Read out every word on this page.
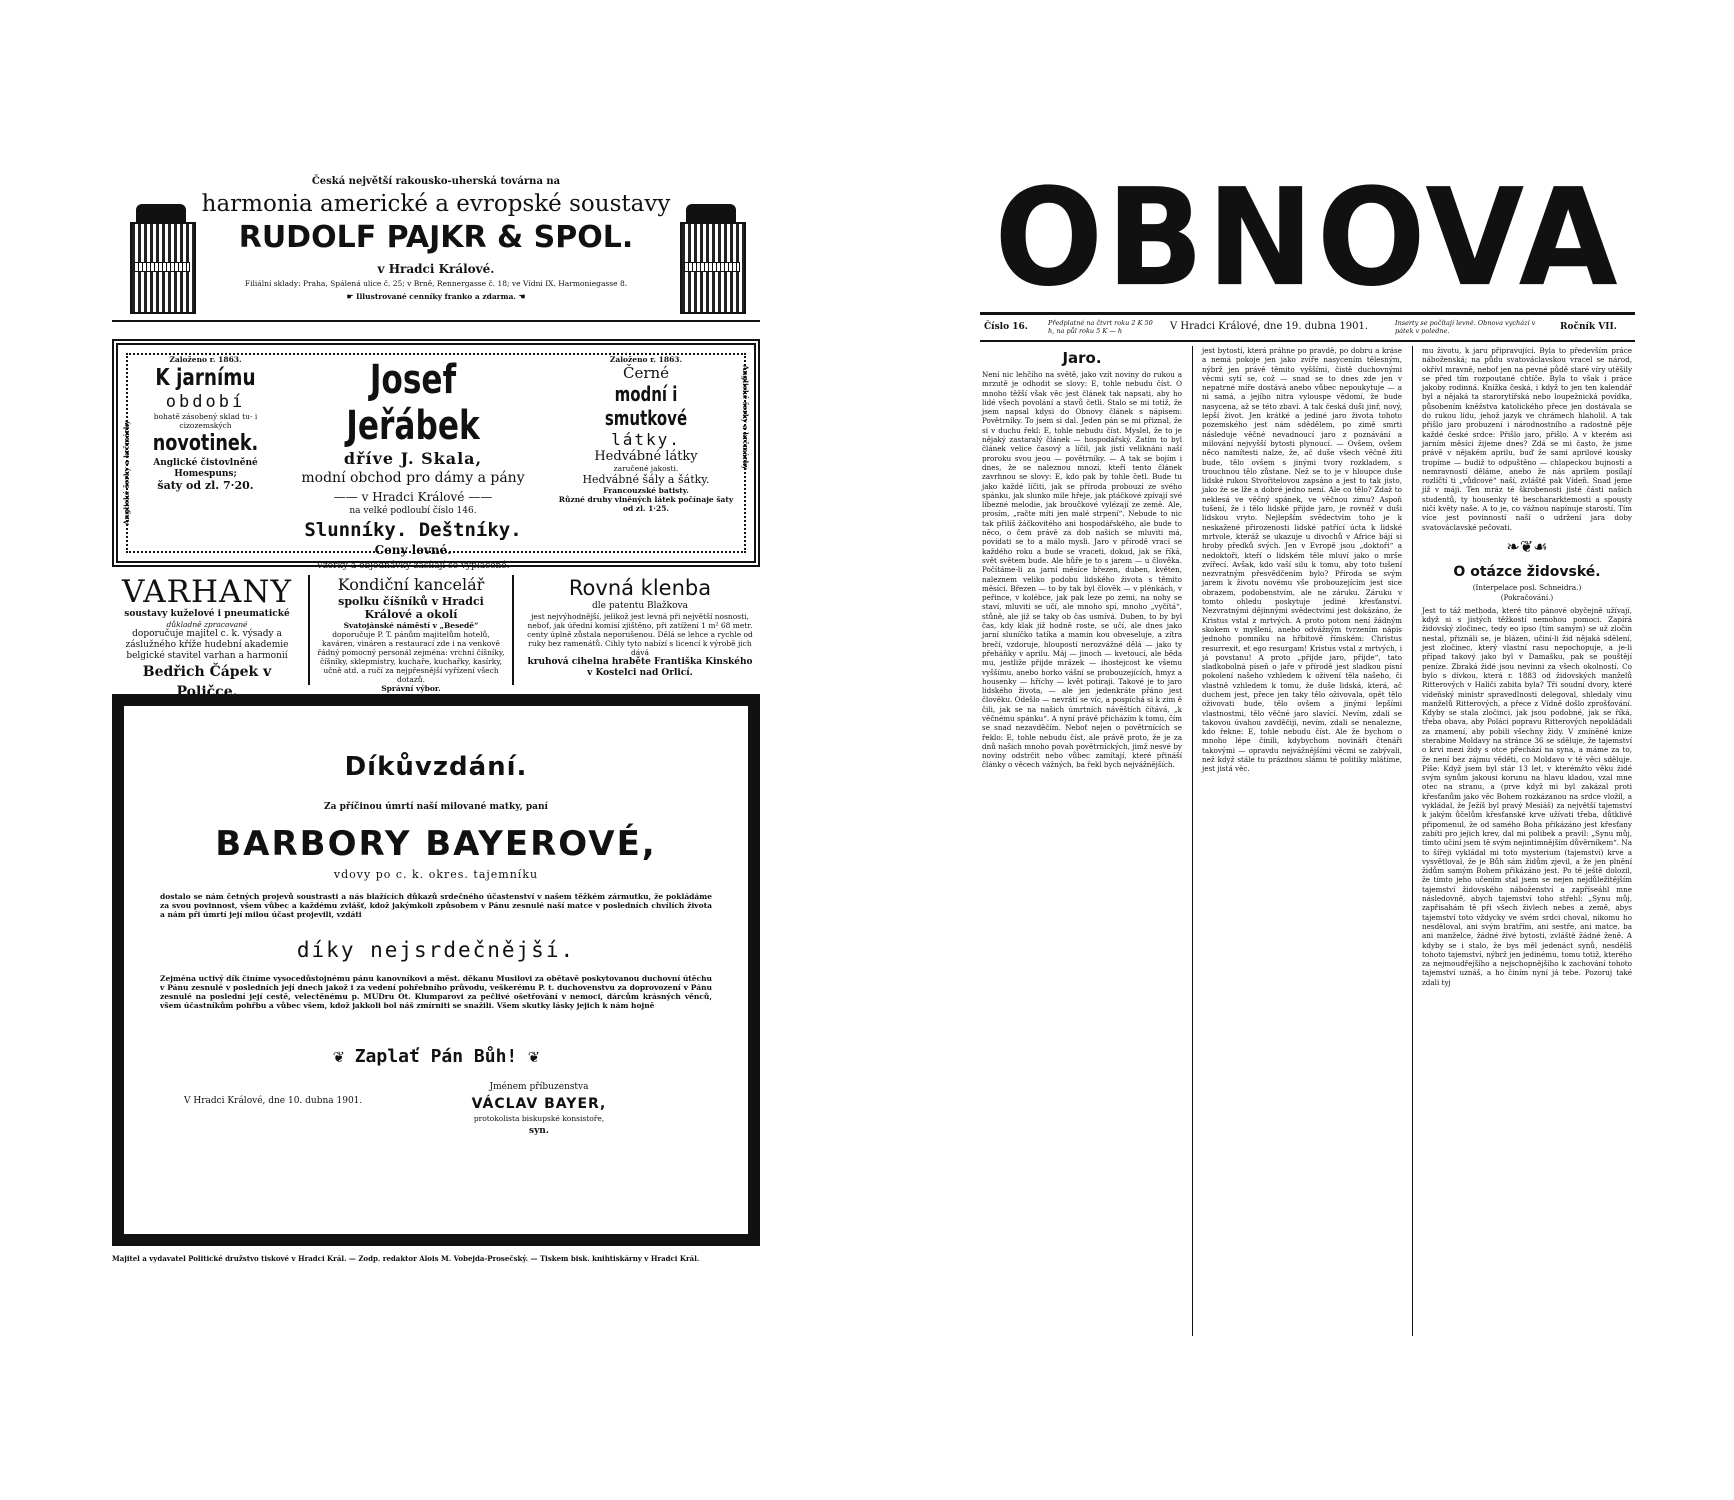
Česká největší rakousko-uherská továrna na
harmonia americké a evropské soustavy
RUDOLF PAJKR & SPOL.
v Hradci Králové.
Filiální sklady: Praha, Spálená ulice č. 25; v Brně, Rennergasse č. 18; ve Vídni IX. Harmoniegasse 8.
☛ Illustrované cenníky franko a zdarma. ☚
Anglické šerky a krčmárky
Anglické šerky a krčmárky
Založeno r. 1863.
K jarnímu
období
bohatě zásobený sklad tu- i cizozemských
novotinek.
Anglické čistovlněné
Homespuns;
šaty od zl. 7·20.
Josef Jeřábek
dříve J. Skala,
modní obchod pro dámy a pány
—— v Hradci Králové ——
na velké podloubí číslo 146.
Slunníky. Deštníky.
Ceny levné.
Vzorky a objednávky zasílají se vyplacené.
Založeno r. 1863.
Černé
modní i smutkové
látky.
Hedvábné látky
zaručené jakosti.
Hedvábné šály a šátky.
Francouzské batisty.
Různé druhy vlněných látek počínaje šaty od zl. 1·25.
VARHANY
soustavy kuželové i pneumatické
důkladně zpracované
doporučuje majitel c. k. výsady a záslužného kříže hudební akademie belgické stavitel varhan a harmonií
Bedřich Čápek v Poličce.
Kondiční kancelář
spolku číšníků v Hradci Králové a okolí
Svatojánské náměstí v „Besedě“
doporučuje P. T. pánům majitelům hotelů, kaváren, vináren a restaurací zde i na venkově řádný pomocný personál zejména: vrchní číšníky, číšníky, sklepmistry, kuchaře, kuchařky, kasírky, učně atd. a ručí za nejpřesnější vyřízení všech dotazů.
Správní výbor.
Rovná klenba
dle patentu Blažkova
jest nejvýhodnější, jelikož jest levná při největší nosnosti, neboť, jak úřední komisí zjištěno, při zatížení 1 m² 68 metr. centy úplně zůstala neporušenou. Dělá se lehce a rychle od ruky bez ramenátů. Cihly tyto nabízí s licencí k výrobě jich dává
kruhová cihelna hraběte Františka Kinského
v Kostelci nad Orlicí.
Díkůvzdání.
Za příčinou úmrtí naší milované matky, paní
BARBORY BAYEROVÉ,
vdovy po c. k. okres. tajemníku
dostalo se nám četných projevů soustrasti a nás blažících důkazů srdečného účastenství v našem těžkém zármutku, že pokládáme za svou povinnost, všem vůbec a každému zvlášť, kdož jakýmkoli způsobem v Pánu zesnulé naší matce v posledních chvílích života a nám při úmrtí její milou účast projevili, vzdáti
díky nejsrdečnější.
Zejména uctivý dík činíme vysocedůstojnému pánu kanovníkovi a měst. děkanu Musilovi za obětavě poskytovanou duchovní útěchu v Pánu zesnulé v posledních její dnech jakož i za vedení pohřebního průvodu, veškerému P. t. duchovenstvu za doprovození v Pánu zesnulé na poslední její cestě, velectěnému p. MUDru Ot. Klumparovi za pečlivé ošetřování v nemoci, dárcům krásných věnců, všem účastníkům pohřbu a vůbec všem, kdož jakkoli bol náš zmírniti se snažili. Všem skutky lásky jejich k nám hojně
❦ Zaplať Pán Bůh! ❦
V Hradci Králové, dne 10. dubna 1901.
Jménem příbuzenstva
VÁCLAV BAYER,
protokolista biskupské konsistoře,
syn.
Majitel a vydavatel Politické družstvo tiskové v Hradci Král. — Zodp. redaktor Alois M. Vobejda-Prosečský. — Tiskem bisk. knihtiskárny v Hradci Král.
OBNOVA
Číslo 16.	Předplatné na čtvrt roku 2 K 50 h, na půl roku 5 K — h	V Hradci Králové, dne 19. dubna 1901.	Inserty se počítají levně. Obnova vychází v pátek v poledne.	Ročník VII.
Jaro.
Není nic lehčího na světě, jako vzít noviny do rukou a mrzutě je odhodit se slovy: E, tohle nebudu číst. O mnoho těžší však věc jest článek tak napsati, aby ho lidé všech povolání a stavů četli. Stalo se mi totiž, že jsem napsal kdysi do Obnovy článek s nápisem: Povětrníky. To jsem si dal. Jeden pán se mi přiznal, že si v duchu řekl: E, tohle nebudu číst. Myslel, že to je nějaký zastaralý článek — hospodářský. Zatím to byl článek velice časový a líčil, jak jistí veliknáni naší proroku svou jeou — povětrníky. — A tak se bojím i dnes, že se naleznou mnozí, kteří tento článek zavrhnou se slovy: E, kdo pak by tohle četl. Bude tu jako každé líčiti, jak se příroda probouzí ze svého spánku, jak slunko mile hřeje, jak ptáčkové zpívají své líbezné melodie, jak broučkové vylézají ze země. Ale, prosím, „račte míti jen malé strpení“. Nebude to nic tak přilíš žáčkovitého ani hospodářského, ale bude to něco, o čem právě za dob našich se mluviti má, povídati se to a málo mysli. Jaro v přírodě vrací se každého roku a bude se vraceti, dokud, jak se říká, svět světem bude. Ale hůře je to s jarem — u člověka. Počítáme-li za jarní měsíce březen, duben, květen, naleznem veliko podobu lidského života s těmito měsíci. Březen — to by tak byl člověk — v plénkách, v peřince, v kolébce, jak pak leze po zemi, na nohy se staví, mluviti se učí, ale mnoho spí, mnoho „vyčítá“, stůně, ale již se taky ob čas usmívá. Duben, to by byl čas, kdy klak již hodně roste, se učí, ale dnes jako jarní sluníčko tatíka a mamin kou obveseluje, a zítra brečí, vzdoruje, hloupostí nerozvážné dělá — jako ty přeháňky v aprilu. Máj — jinoch — kvetoucí, ale běda mu, jestliže přijde mrázek — ihostejcost ke všemu vyššímu, anebo horko vášní se probouzejících, hmyz a housenky — hříchy — květ potiraji. Takové je to jaro lidského života, — ale jen jedenkráte přáno jest člověku. Odešlo — nevrátí se víc, a pospíchá si k zim ě čili, jak se na našich úmrtních návěštích čítává, „k věčnému spánku“. A nyní právě přicházím k tomu, čím se snad nezavděčím. Neboť nejen o povětrnících se řeklo: E, tohle nebudu číst, ale právě proto, že je za dnů našich mnoho povah povětrníckých, jimž nesvé by noviny odstrčit nebo vůbec zamítají, které přináší články o věcech vážných, ba řekl bych nejvážnějších.
jest bytostí, která práhne po pravdě, po dobru a kráse a nemá pokoje jen jako zvíře nasycením tělesným, nýbrž jen právě těmito vyššími, čistě duchovnými věcmi sytí se, což — snad se to dnes zde jen v nepatrné míře dostává anebo vůbec nepoukytuje — a ni samá, a jejího nitra vylouspe vědomí, že bude nasycena, až se této zbaví. A tak česká duši jinř, nový, lepší život. Jen krátké a jediné jaro života tohoto pozemského jest nám sdědělem, po zimě smrti následuje věčné nevadnoucí jaro z poznávání a milování nejvyšší bytosti plynoucí. — Ovšem, ovšem něco namítesti nalze, že, ač duše všech věčně žiti bude, tělo ovšem s jinými tvory rozkladem, s trouchnou tělo zůstane. Než se to je v hloupce duše lidské rukou Stvořitelovou zapsáno a jest to tak jisto, jako že se lže a dobré jedno není. Ale co tělo? Zdaž to neklesá ve věčný spánek, ve věčnou zimu? Aspoň tušení, že i tělo lidské přijde jaro, je rovněž v duši lidskou vryto. Nejlepším svědectvím toho je k neskažené přirozenosti lidské patřící úcta k lidské mrtvole, kteráž se ukazuje u divochů v Africe bájí si hroby předků svých. Jen v Evropě jsou „doktoři“ a nedoktoři, kteří o lidském těle mluví jako o mrše zvířecí. Avšak, kdo vaší silu k tomu, aby toto tušení nezvratným přesvědčením bylo? Příroda se svým jarem k životu novému vše probouzejícím jest sice obrazem, podobenstvím, ale ne záruku. Záruku v tomto ohledu poskytuje jediné křesťanství. Nezvratnými dějinnými svědectvími jest dokázáno, že Kristus vstal z mrtvých. A proto potom není žádným skokem v myšlení, anebo odvážným tvrzením nápis jednoho pomníku na hřbitově římském: Christus resurrexit, et ego resurgam! Kristus vstal z mrtvých, i já povstanu! A proto „přijde jaro, přijde“, tato sladkobolná píseň o jaře v přírodě jest sladkou písní pokolení našeho vzhledem k oživení těla našeho, či vlastně vzhledem k tomu, že duše lidská, která, ač duchem jest, přece jen taky tělo oživovala, opět tělo oživovati bude, tělo ovšem a jinými lepšími vlastnostmi, tělo věčné jaro slavící. Nevím, zdali se takovou úvahou zavděčiji, nevím, zdali se nenalezne, kdo řekne: E, tohle nebudu číst. Ale že bychom o mnoho lépe činili, kdybychom novináři čtenáři takovými — opravdu nejvážnějšími věcmi se zabývali, než když stále tu prázdnou slámu té politiky mlátíme, jest jistá věc.
mu životu, k jaru připravující. Byla to především práce náboženská; na půdu svatováclavskou vracel se národ, okřívl mravně, neboť jen na pevné půdě staré víry utěšily se před tím rozpoutané chtíče. Byla to však i práce jakoby rodinná. Knížka česká, i když to jen ten kalendář byl a nějaká ta starorytířská nebo loupežnická povídka, působením kněžstva katolického přece jen dostávala se do rukou lidu, jehož jazyk ve chrámech hlaholil. A tak přišlo jaro probuzení i národnostního a radostně pěje každé české srdce: Přišlo jaro, přišlo. A v kterém asi jarním měsíci žijeme dnes? Zdá se mi často, že jsme právě v nějakém aprilu, buď že sami aprilové kousky tropíme — budiž to odpuštěno — chlapeckou bujností a nemravností děláme, anebo že nás aprilem posílají rozličtí ti „vůdcové“ naší, zvláště pak Vídeň. Snad jeme již v máji. Ten mráz té škrobenosti jisté části našich studentů, ty housenky té beschararktemosti a spousty ničí květy naše. A to je, co vážnou napínuje starostí. Tím více jest povinností naší o udržení jara doby svatováclavské pečovati.
❧❦☙
O otázce židovské.
(Interpelace posl. Schneidra.)
(Pokračování.)
Jest to táž methoda, které tito pánové obyčejně užívají, když si s jistých těžkostí nemohou pomoci. Zapírá židovský zločinec, tedy eo ipso (tím samým) se už zločin nestal, přiználi se, je blázen, učiní-li žid nějaká sdělení, jest zločinec, který vlastní rasu nepochopuje, a je-li případ takový jako byl v Damašku, pak se pouštějí peníze. Zbraká židé jsou nevinni za všech okolností. Co bylo s dívkou, která r. 1883 od židovských manželů Ritterových v Haliči zabita byla? Tři soudní dvory, které vídeňský ministr spravedlnosti delegoval, shledaly vinu manželů Ritterových, a přece z Vídně došlo zprošťování. Kdyby se stala zločinci, jak jsou podobné, jak se říká, třeba obava, aby Poláci popravu Ritterových nepokládali za znamení, aby pobili všechny židy. V zmíněné knize sterabine Moldavy na stránce 36 se sděluje, že tajemství o krvi mezi židy s otce přechází na syna, a máme za to, že není bez zájmu věděti, co Moldavo v té věci sděluje. Píše: Když jsem byl stár 13 let, v kterémžto věku židé svým synům jakousi korunu na hlavu kladou, vzal mne otec na stranu, a (prve když mi byl zakázal proti křesťanům jako věc Bohem rozkázanou na srdce vložil, a vykládal, že Ježíš byl pravý Mesiáš) za největší tajemství k jakým ůčelům křesťanské krve užívati třeba, důtklivě připomenul, že od samého Boha přikázáno jest křesťany zabíti pro jejich krev, dal mi polibek a pravil: „Synu můj, tímto učiní jsem tě svým nejintimnějším důvěrníkem“. Na to šířeji vykládal mi toto mysterium (tajemství) krve a vysvětloval, že je Bůh sám židům zjevil, a že jen plnění židům samým Bohem přikázáno jest. Po té ještě dolozil, že tímto jeho učením stal jsem se nejen nejdůležitějším tajemství židovského náboženství a zapříseáhl mne následovně, abych tajemství toho střehl: „Synu můj, zapřisahám tě při všech živlech nebes a země, abys tajemství toto vždycky ve svém srdci choval, nikomu ho nesděloval, ani svým bratřím, ani sestře, ani matce, ba ani manželce, žádné živé bytosti, zvláště žádné ženě. A kdyby se i stalo, že bys měl jedenáct synů, nesdělíš tohoto tajemství, nýbrž jen jedinému, tomu totiž, kterého za nejmoudřejšího a nejschopnějšího k zachování tohoto tajemství uznáš, a ho činím nyní já tebe. Pozoruj také zdali tyj
